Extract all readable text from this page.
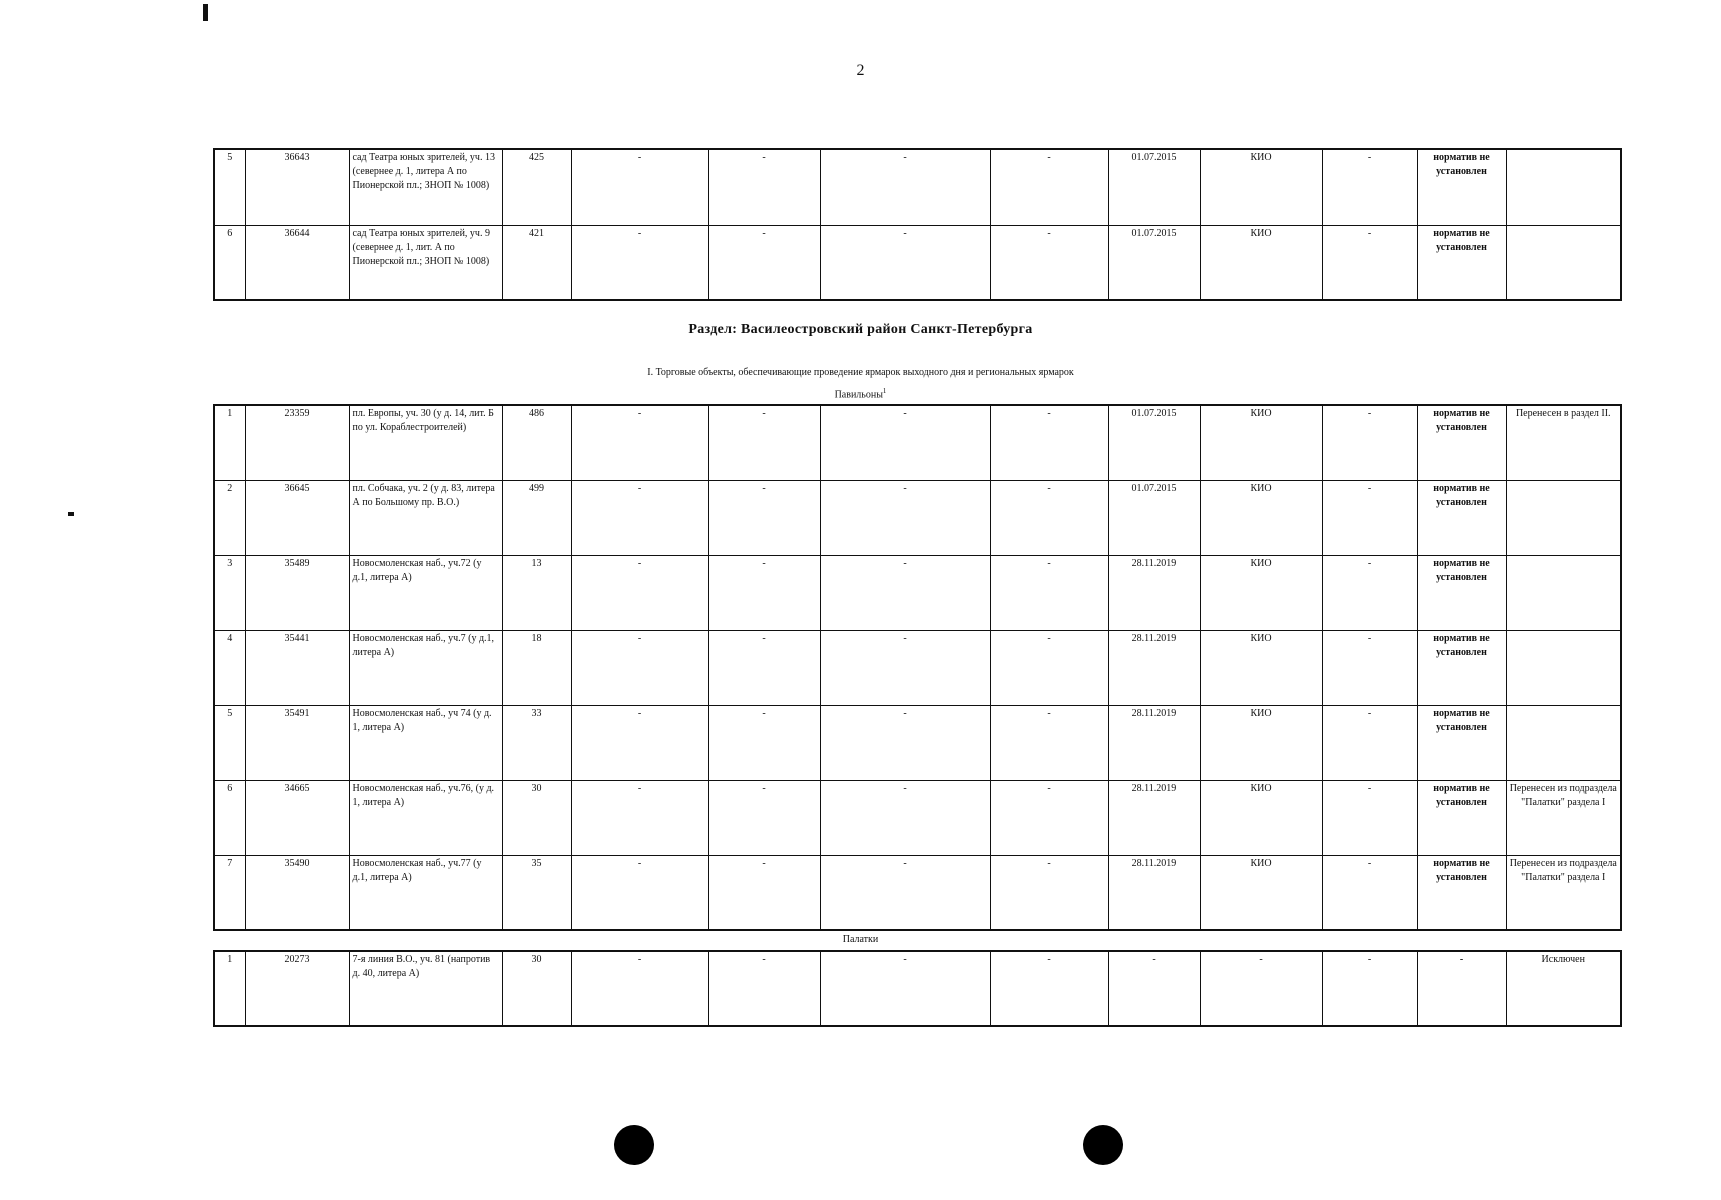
2
5	36643	сад Театра юных зрителей, уч. 13 (севернее д. 1, литера А по Пионерской пл.; ЗНОП № 1008)	425	-	-	-	-	01.07.2015	КИО	-	норматив не установлен	
6	36644	сад Театра юных зрителей, уч. 9 (севернее д. 1, лит. А по Пионерской пл.; ЗНОП № 1008)	421	-	-	-	-	01.07.2015	КИО	-	норматив не установлен	
Раздел: Василеостровский район Санкт-Петербурга
I. Торговые объекты, обеспечивающие проведение ярмарок выходного дня и региональных ярмарок
Павильоны$^1$
1	23359	пл. Европы, уч. 30 (у д. 14, лит. Б по ул. Кораблестроителей)	486	-	-	-	-	01.07.2015	КИО	-	норматив не установлен	Перенесен в раздел II.
2	36645	пл. Собчака, уч. 2 (у д. 83, литера А по Большому пр. В.О.)	499	-	-	-	-	01.07.2015	КИО	-	норматив не установлен	
3	35489	Новосмоленская наб., уч.72 (у д.1, литера А)	13	-	-	-	-	28.11.2019	КИО	-	норматив не установлен	
4	35441	Новосмоленская наб., уч.7 (у д.1, литера А)	18	-	-	-	-	28.11.2019	КИО	-	норматив не установлен	
5	35491	Новосмоленская наб., уч 74 (у д. 1, литера А)	33	-	-	-	-	28.11.2019	КИО	-	норматив не установлен	
6	34665	Новосмоленская наб., уч.76, (у д. 1, литера А)	30	-	-	-	-	28.11.2019	КИО	-	норматив не установлен	Перенесен из подраздела "Палатки" раздела I
7	35490	Новосмоленская наб., уч.77 (у д.1, литера А)	35	-	-	-	-	28.11.2019	КИО	-	норматив не установлен	Перенесен из подраздела "Палатки" раздела I
Палатки
1	20273	7-я линия В.О., уч. 81 (напротив д. 40, литера А)	30	-	-	-	-	-	-	-	-	Исключен
